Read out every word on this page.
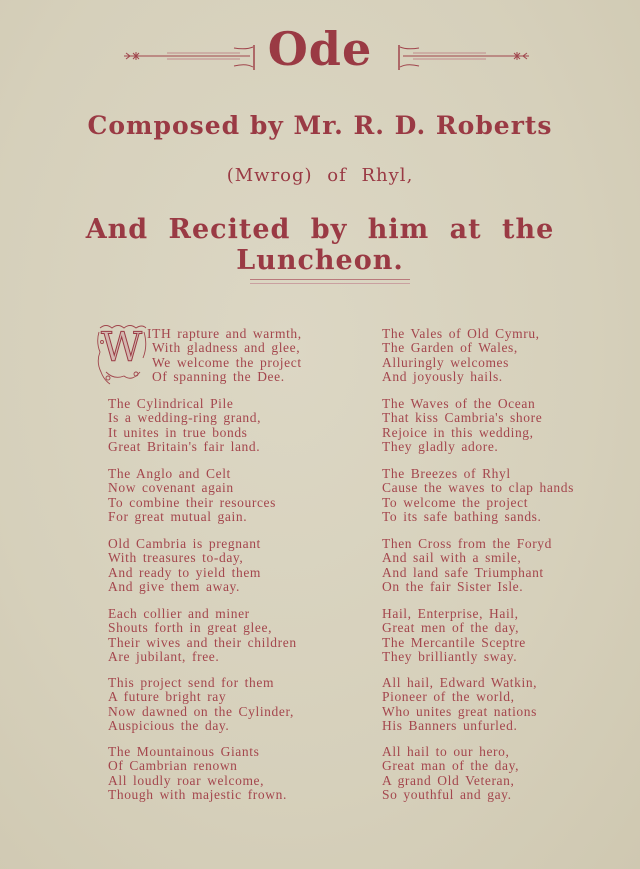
Ode
Composed by Mr. R. D. Roberts
(Mwrog) of Rhyl,
And Recited by him at the Luncheon.
W ITH rapture and warmth,
With gladness and glee,
We welcome the project
Of spanning the Dee.
The Cylindrical Pile
Is a wedding-ring grand,
It unites in true bonds
Great Britain's fair land.
The Anglo and Celt
Now covenant again
To combine their resources
For great mutual gain.
Old Cambria is pregnant
With treasures to-day,
And ready to yield them
And give them away.
Each collier and miner
Shouts forth in great glee,
Their wives and their children
Are jubilant, free.
This project send for them
A future bright ray
Now dawned on the Cylinder,
Auspicious the day.
The Mountainous Giants
Of Cambrian renown
All loudly roar welcome,
Though with majestic frown.
The Vales of Old Cymru,
The Garden of Wales,
Alluringly welcomes
And joyously hails.
The Waves of the Ocean
That kiss Cambria's shore
Rejoice in this wedding,
They gladly adore.
The Breezes of Rhyl
Cause the waves to clap hands
To welcome the project
To its safe bathing sands.
Then Cross from the Foryd
And sail with a smile,
And land safe Triumphant
On the fair Sister Isle.
Hail, Enterprise, Hail,
Great men of the day,
The Mercantile Sceptre
They brilliantly sway.
All hail, Edward Watkin,
Pioneer of the world,
Who unites great nations
His Banners unfurled.
All hail to our hero,
Great man of the day,
A grand Old Veteran,
So youthful and gay.
